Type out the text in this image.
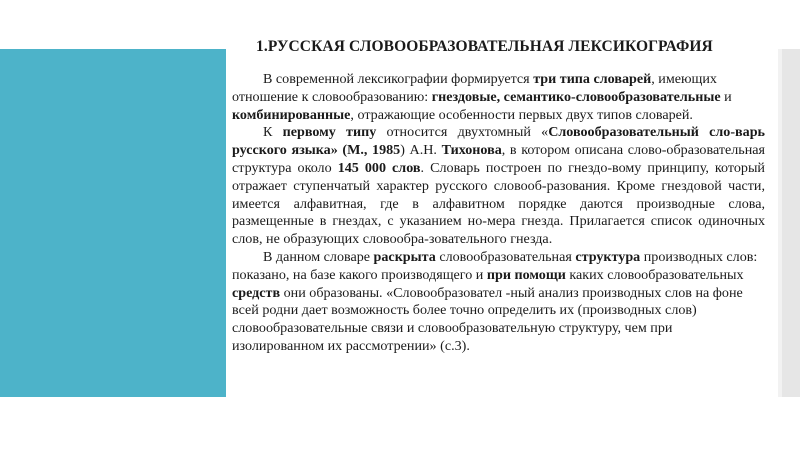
1.РУССКАЯ СЛОВООБРАЗОВАТЕЛЬНАЯ ЛЕКСИКОГРАФИЯ

В современной лексикографии формируется три типа словарей, имеющих отношение к словообразованию: гнездовые, семантико-словообразовательные и комбинированные, отражающие особенности первых двух типов словарей.

К первому типу относится двухтомный «Словообразовательный сло-варь русского языка» (М., 1985) А.Н. Тихонова, в котором описана слово-образовательная структура около 145 000 слов. Словарь построен по гнездо-вому принципу, который отражает ступенчатый характер русского словооб-разования. Кроме гнездовой части, имеется алфавитная, где в алфавитном порядке даются производные слова, размещенные в гнездах, с указанием но-мера гнезда. Прилагается список одиночных слов, не образующих словообра-зовательного гнезда.

В данном словаре раскрыта словообразовательная структура производных слов: показано, на базе какого производящего и при помощи каких словообразовательных средств они образованы. «Словообразовател -ный анализ производных слов на фоне всей родни дает возможность более точно определить их (производных слов) словообразовательные связи и словообразовательную структуру, чем при изолированном их рассмотрении» (с.3).
